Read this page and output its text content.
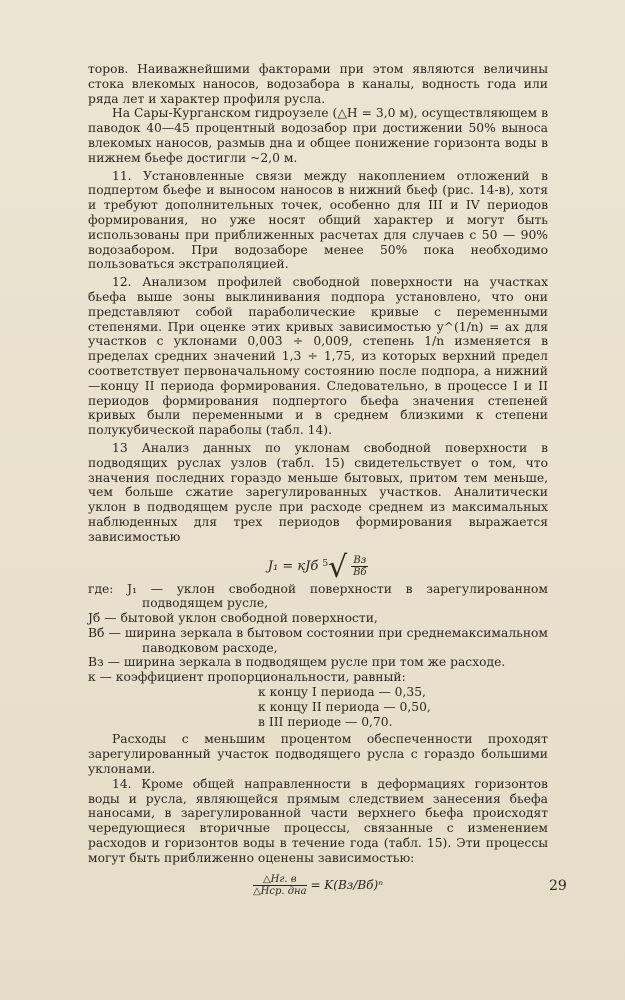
торов. Наиважнейшими факторами при этом являются величины стока влекомых наносов, водозабора в каналы, водность года или ряда лет и характер профиля русла.

На Сары-Курганском гидроузеле (△H = 3,0 м), осуществляющем в паводок 40—45 процентный водозабор при достижении 50% выноса влекомых наносов, размыв дна и общее понижение горизонта воды в нижнем бьефе достигли ~2,0 м.

11. Установленные связи между накоплением отложений в подпертом бьефе и выносом наносов в нижний бьеф (рис. 14-в), хотя и требуют дополнительных точек, особенно для III и IV периодов формирования, но уже носят общий характер и могут быть использованы при приближенных расчетах для случаев с 50 — 90% водозабором. При водозаборе менее 50% пока необходимо пользоваться экстраполяцией.

12. Анализом профилей свободной поверхности на участках бьефа выше зоны выклинивания подпора установлено, что они представляют собой параболические кривые с переменными степенями. При оценке этих кривых зависимостью y^(1/n) = ax для участков с уклонами 0,003 ÷ 0,009, степень 1/n изменяется в пределах средних значений 1,3 ÷ 1,75, из которых верхний предел соответствует первоначальному состоянию после подпора, а нижний—концу II периода формирования. Следовательно, в процессе I и II периодов формирования подпертого бьефа значения степеней кривых были переменными и в среднем близкими к степени полукубической параболы (табл. 14).

13 Анализ данных по уклонам свободной поверхности в подводящих руслах узлов (табл. 15) свидетельствует о том, что значения последних гораздо меньше бытовых, притом тем меньше, чем больше сжатие зарегулированных участков. Аналитически уклон в подводящем русле при расходе среднем из максимальных наблюденных для трех периодов формирования выражается зависимостью

J₁ = кJб $^5√ \frac{Bз}{Bб}$

где: J₁ — уклон свободной поверхности в зарегулированном подводящем русле,

Jб — бытовой уклон свободной поверхности,

Bб — ширина зеркала в бытовом состоянии при среднемаксимальном паводковом расходе,

Bз — ширина зеркала в подводящем русле при том же расходе.

к — коэффициент пропорциональности, равный:

к концу I периода — 0,35,
к концу II периода — 0,50,
в III периоде — 0,70.

Расходы с меньшим процентом обеспеченности проходят зарегулированный участок подводящего русла с гораздо большими уклонами.

14. Кроме общей направленности в деформациях горизонтов воды и русла, являющейся прямым следствием занесения бьефа наносами, в зарегулированной части верхнего бьефа происходят чередующиеся вторичные процессы, связанные с изменением расходов и горизонтов воды в течение года (табл. 15). Эти процессы могут быть приближенно оценены зависимостью:

$\frac{\triangle Hг. в}{\text{△Hср. дна}} = K(Bз/Bб)^n$	29
